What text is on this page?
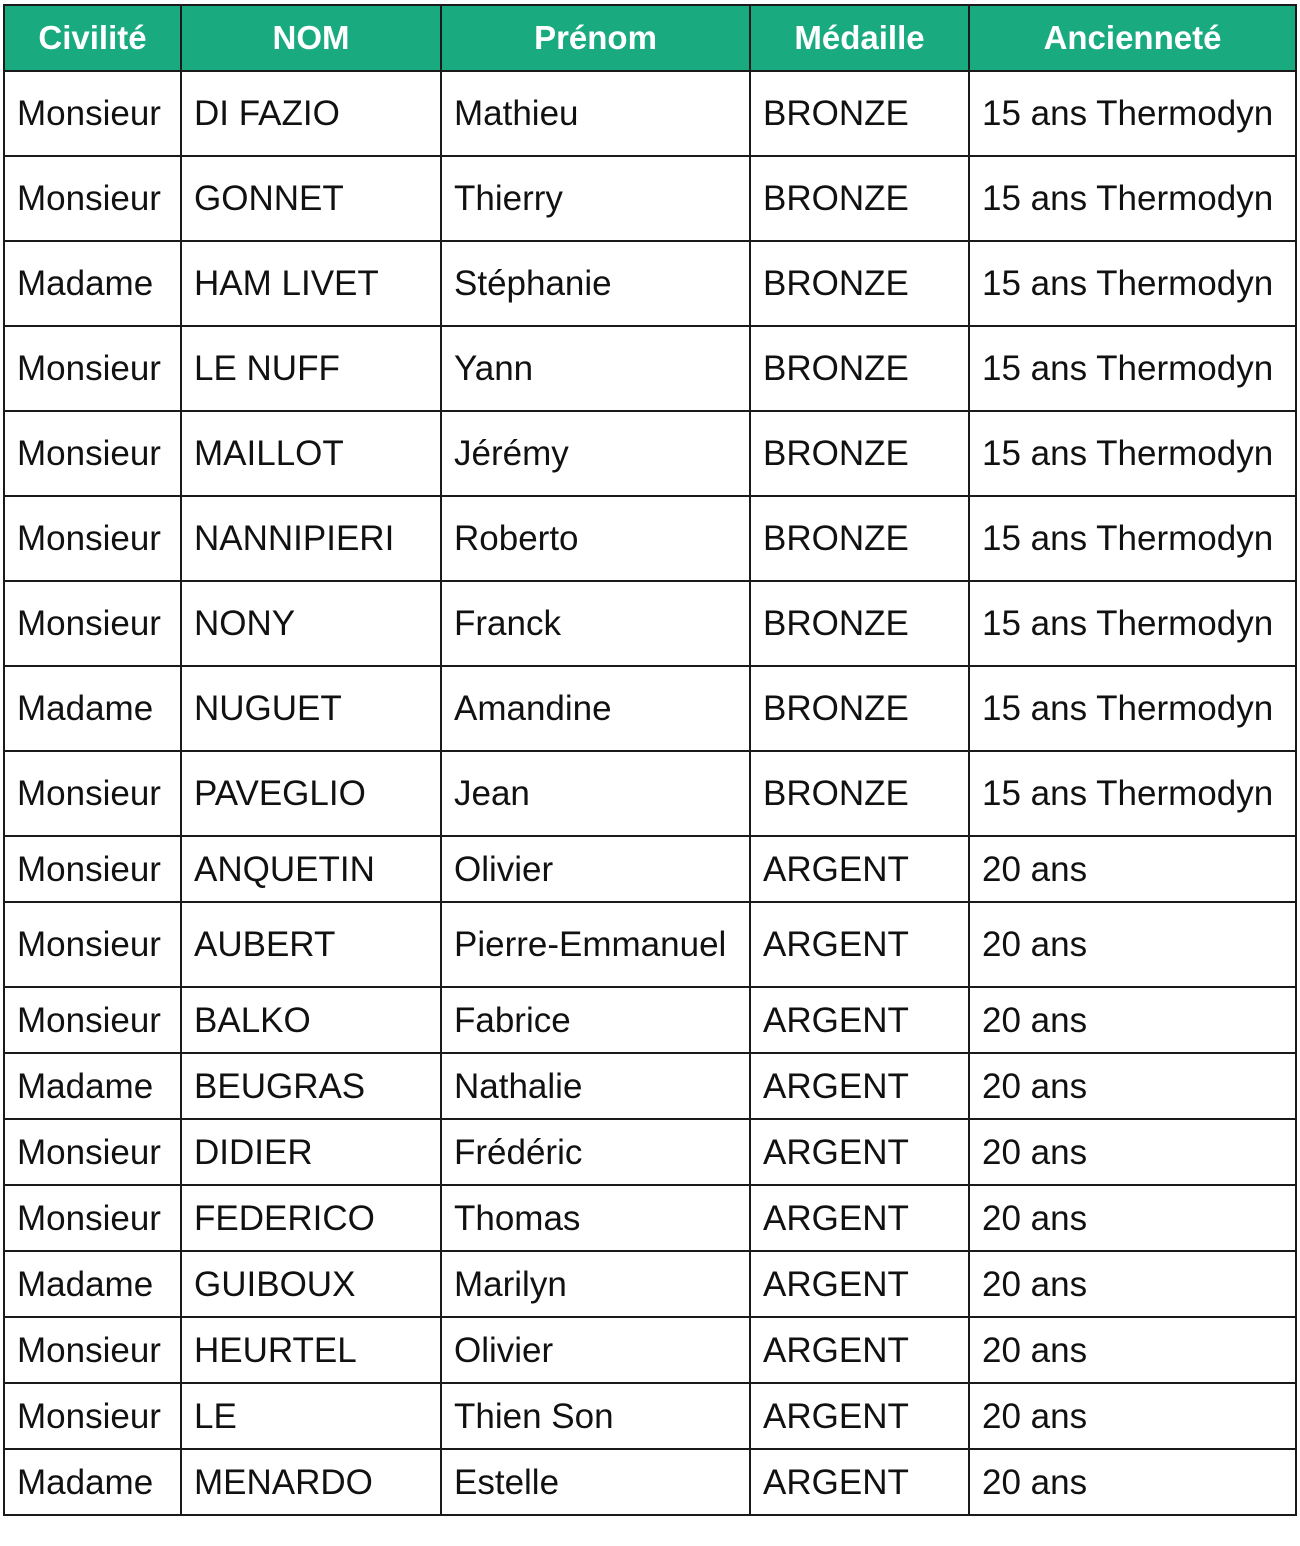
Civilité	NOM	Prénom	Médaille	Ancienneté
Monsieur	DI FAZIO	Mathieu	BRONZE	15 ans Thermodyn
Monsieur	GONNET	Thierry	BRONZE	15 ans Thermodyn
Madame	HAM LIVET	Stéphanie	BRONZE	15 ans Thermodyn
Monsieur	LE NUFF	Yann	BRONZE	15 ans Thermodyn
Monsieur	MAILLOT	Jérémy	BRONZE	15 ans Thermodyn
Monsieur	NANNIPIERI	Roberto	BRONZE	15 ans Thermodyn
Monsieur	NONY	Franck	BRONZE	15 ans Thermodyn
Madame	NUGUET	Amandine	BRONZE	15 ans Thermodyn
Monsieur	PAVEGLIO	Jean	BRONZE	15 ans Thermodyn
Monsieur	ANQUETIN	Olivier	ARGENT	20 ans
Monsieur	AUBERT	Pierre-Emmanuel	ARGENT	20 ans
Monsieur	BALKO	Fabrice	ARGENT	20 ans
Madame	BEUGRAS	Nathalie	ARGENT	20 ans
Monsieur	DIDIER	Frédéric	ARGENT	20 ans
Monsieur	FEDERICO	Thomas	ARGENT	20 ans
Madame	GUIBOUX	Marilyn	ARGENT	20 ans
Monsieur	HEURTEL	Olivier	ARGENT	20 ans
Monsieur	LE	Thien Son	ARGENT	20 ans
Madame	MENARDO	Estelle	ARGENT	20 ans
